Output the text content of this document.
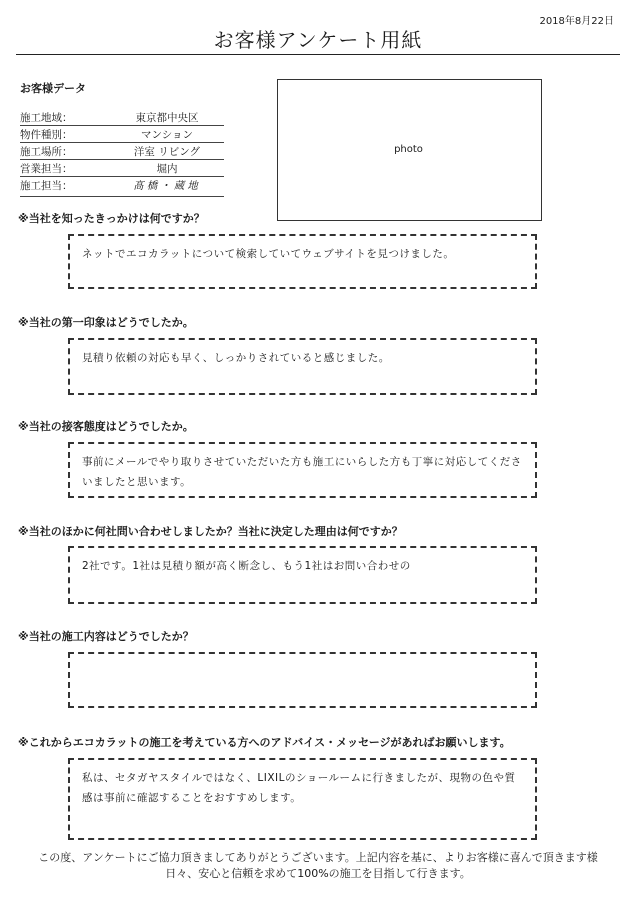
2018年8月22日
お客様アンケート用紙
お客様データ
施工地域：	東京都中央区
物件種別：	マンション
施工場所：	洋室 リビング
営業担当：	堀内
施工担当：	髙橋・蔵地
photo
※当社を知ったきっかけは何ですか？
ネットでエコカラットについて検索していてウェブサイトを見つけました。
※当社の第一印象はどうでしたか。
見積り依頼の対応も早く、しっかりされていると感じました。
※当社の接客態度はどうでしたか。
事前にメールでやり取りさせていただいた方も施工にいらした方も丁寧に対応してくださいましたと思います。
※当社のほかに何社問い合わせしましたか？当社に決定した理由は何ですか？
2社です。1社は見積り額が高く断念し、もう1社はお問い合わせの
※当社の施工内容はどうでしたか？
※これからエコカラットの施工を考えている方へのアドバイス・メッセージがあればお願いします。
私は、セタガヤスタイルではなく、LIXILのショールームに行きましたが、現物の色や質感は事前に確認することをおすすめします。
この度、アンケートにご協力頂きましてありがとうございます。上記内容を基に、よりお客様に喜んで頂きます様
日々、安心と信頼を求めて100%の施工を目指して行きます。
